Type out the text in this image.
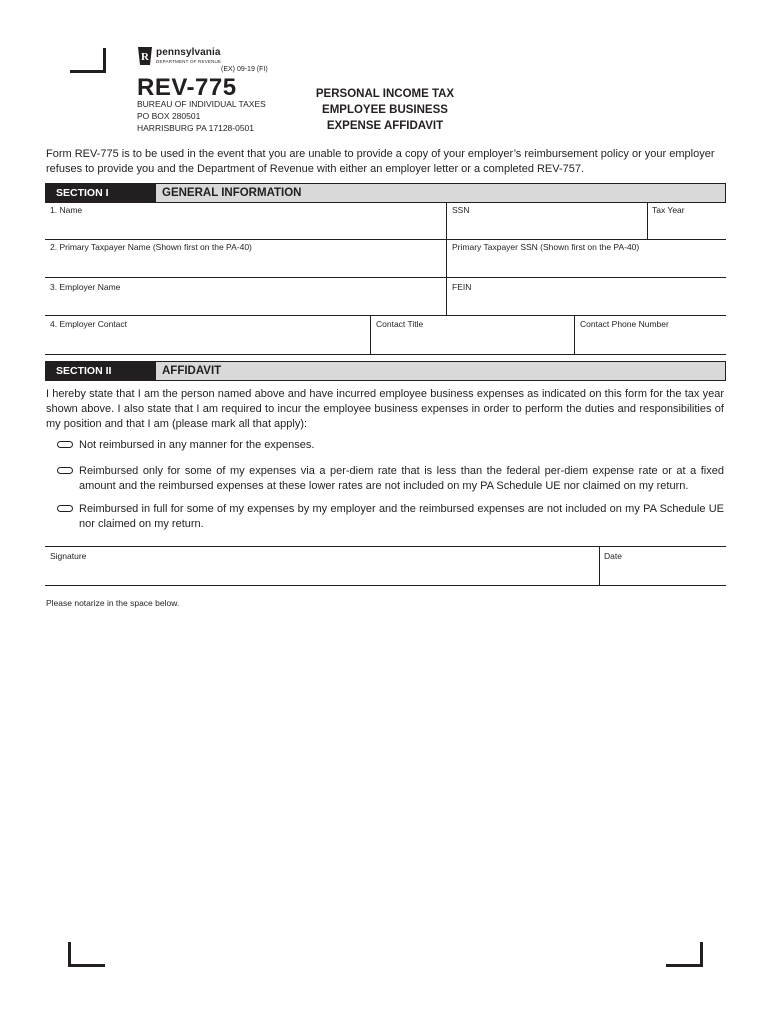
R pennsylvania
DEPARTMENT OF REVENUE
(EX) 09-19 (FI)
REV-775
BUREAU OF INDIVIDUAL TAXES
PO BOX 280501
HARRISBURG PA 17128-0501
PERSONAL INCOME TAX
EMPLOYEE BUSINESS
EXPENSE AFFIDAVIT
Form REV-775 is to be used in the event that you are unable to provide a copy of your employer’s reimbursement policy or your employer refuses to provide you and the Department of Revenue with either an employer letter or a completed REV-757.
SECTION I	GENERAL INFORMATION
1. Name	SSN	Tax Year
2. Primary Taxpayer Name (Shown first on the PA-40)	Primary Taxpayer SSN (Shown first on the PA-40)
3. Employer Name	FEIN
4. Employer Contact	Contact Title	Contact Phone Number
SECTION II	AFFIDAVIT
I hereby state that I am the person named above and have incurred employee business expenses as indicated on this form for the tax year shown above. I also state that I am required to incur the employee business expenses in order to perform the duties and responsibilities of my position and that I am (please mark all that apply):
Not reimbursed in any manner for the expenses.
Reimbursed only for some of my expenses via a per-diem rate that is less than the federal per-diem expense rate or at a fixed amount and the reimbursed expenses at these lower rates are not included on my PA Schedule UE nor claimed on my return.
Reimbursed in full for some of my expenses by my employer and the reimbursed expenses are not included on my PA Schedule UE nor claimed on my return.
Signature	Date
Please notarize in the space below.
